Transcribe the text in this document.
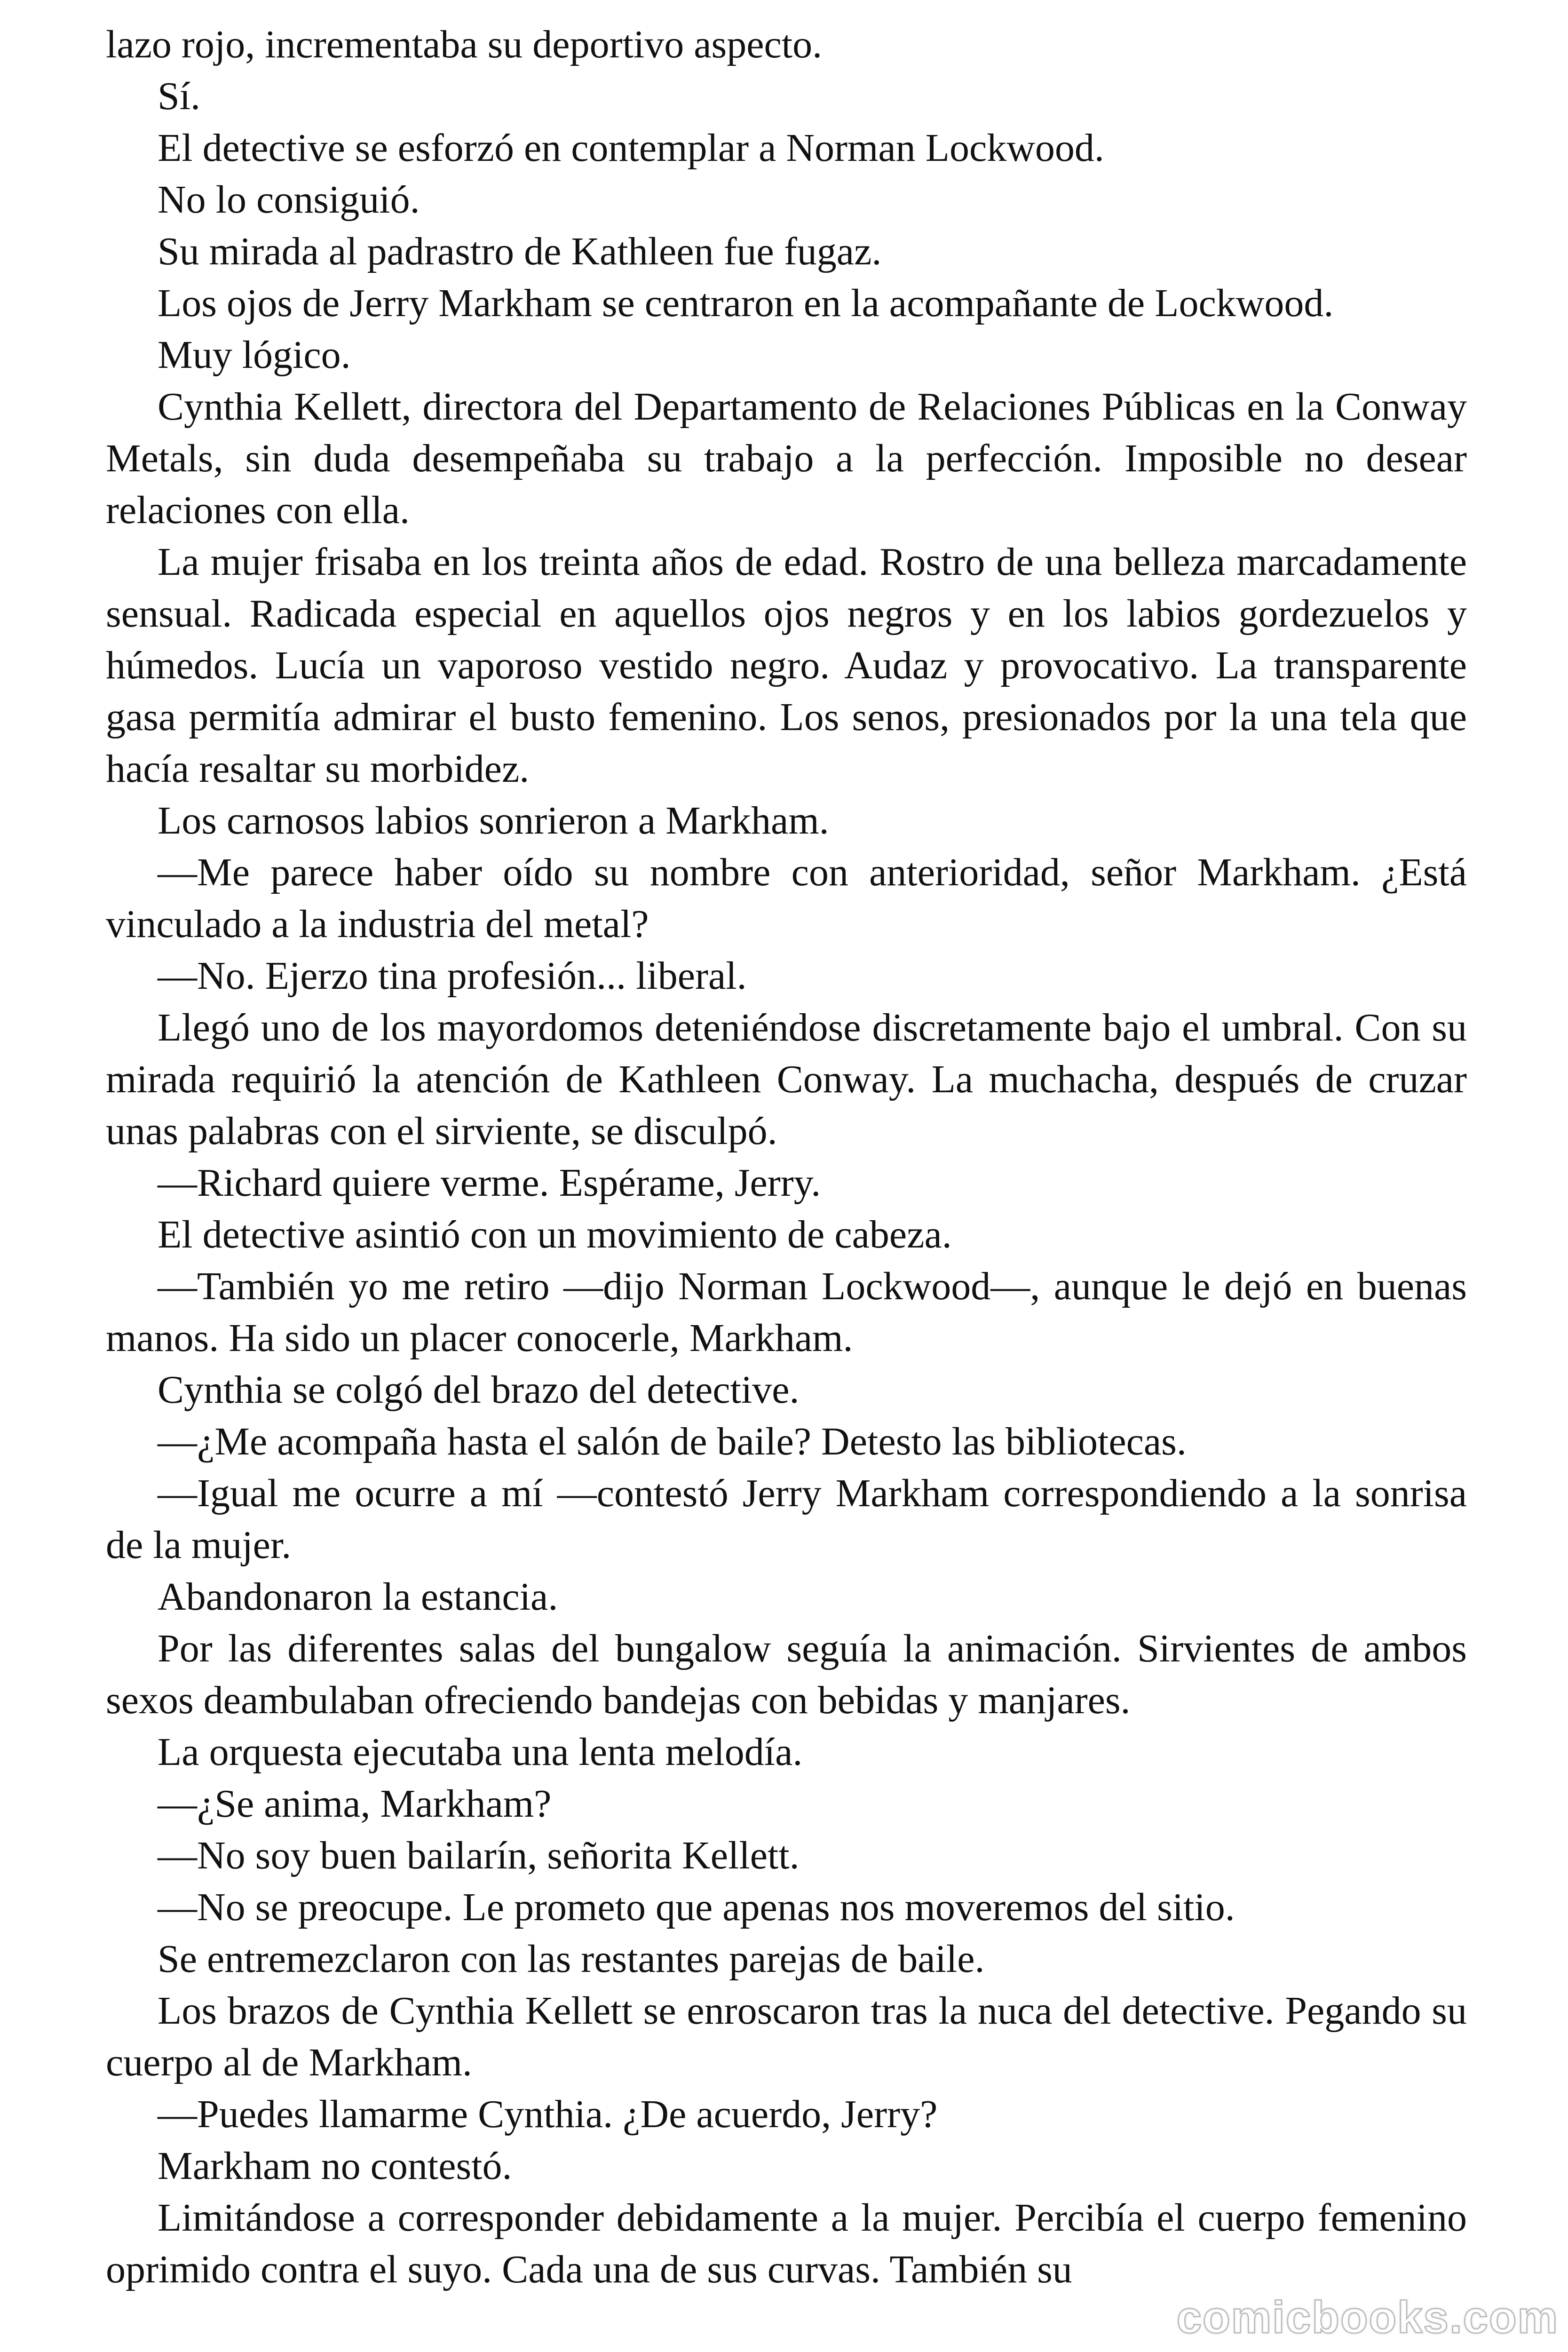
lazo rojo, incrementaba su deportivo aspecto.

Sí.

El detective se esforzó en contemplar a Norman Lockwood.

No lo consiguió.

Su mirada al padrastro de Kathleen fue fugaz.

Los ojos de Jerry Markham se centraron en la acompañante de Lockwood.

Muy lógico.

Cynthia Kellett, directora del Departamento de Relaciones Públicas en la Conway Metals, sin duda desempeñaba su trabajo a la perfección. Imposible no desear relaciones con ella.

La mujer frisaba en los treinta años de edad. Rostro de una belleza marcadamente sensual. Radicada especial en aquellos ojos negros y en los labios gordezuelos y húmedos. Lucía un vaporoso vestido negro. Audaz y provocativo. La transparente gasa permitía admirar el busto femenino. Los senos, presionados por la una tela que hacía resaltar su morbidez.

Los carnosos labios sonrieron a Markham.

—Me parece haber oído su nombre con anterioridad, señor Markham. ¿Está vinculado a la industria del metal?

—No. Ejerzo tina profesión... liberal.

Llegó uno de los mayordomos deteniéndose discretamente bajo el umbral. Con su mirada requirió la atención de Kathleen Conway. La muchacha, después de cruzar unas palabras con el sirviente, se disculpó.

—Richard quiere verme. Espérame, Jerry.

El detective asintió con un movimiento de cabeza.

—También yo me retiro —dijo Norman Lockwood—, aunque le dejó en buenas manos. Ha sido un placer conocerle, Markham.

Cynthia se colgó del brazo del detective.

—¿Me acompaña hasta el salón de baile? Detesto las bibliotecas.

—Igual me ocurre a mí —contestó Jerry Markham correspondiendo a la sonrisa de la mujer.

Abandonaron la estancia.

Por las diferentes salas del bungalow seguía la animación. Sirvientes de ambos sexos deambulaban ofreciendo bandejas con bebidas y manjares.

La orquesta ejecutaba una lenta melodía.

—¿Se anima, Markham?

—No soy buen bailarín, señorita Kellett.

—No se preocupe. Le prometo que apenas nos moveremos del sitio.

Se entremezclaron con las restantes parejas de baile.

Los brazos de Cynthia Kellett se enroscaron tras la nuca del detective. Pegando su cuerpo al de Markham.

—Puedes llamarme Cynthia. ¿De acuerdo, Jerry?

Markham no contestó.

Limitándose a corresponder debidamente a la mujer. Percibía el cuerpo femenino oprimido contra el suyo. Cada una de sus curvas. También su

comicbooks.com
